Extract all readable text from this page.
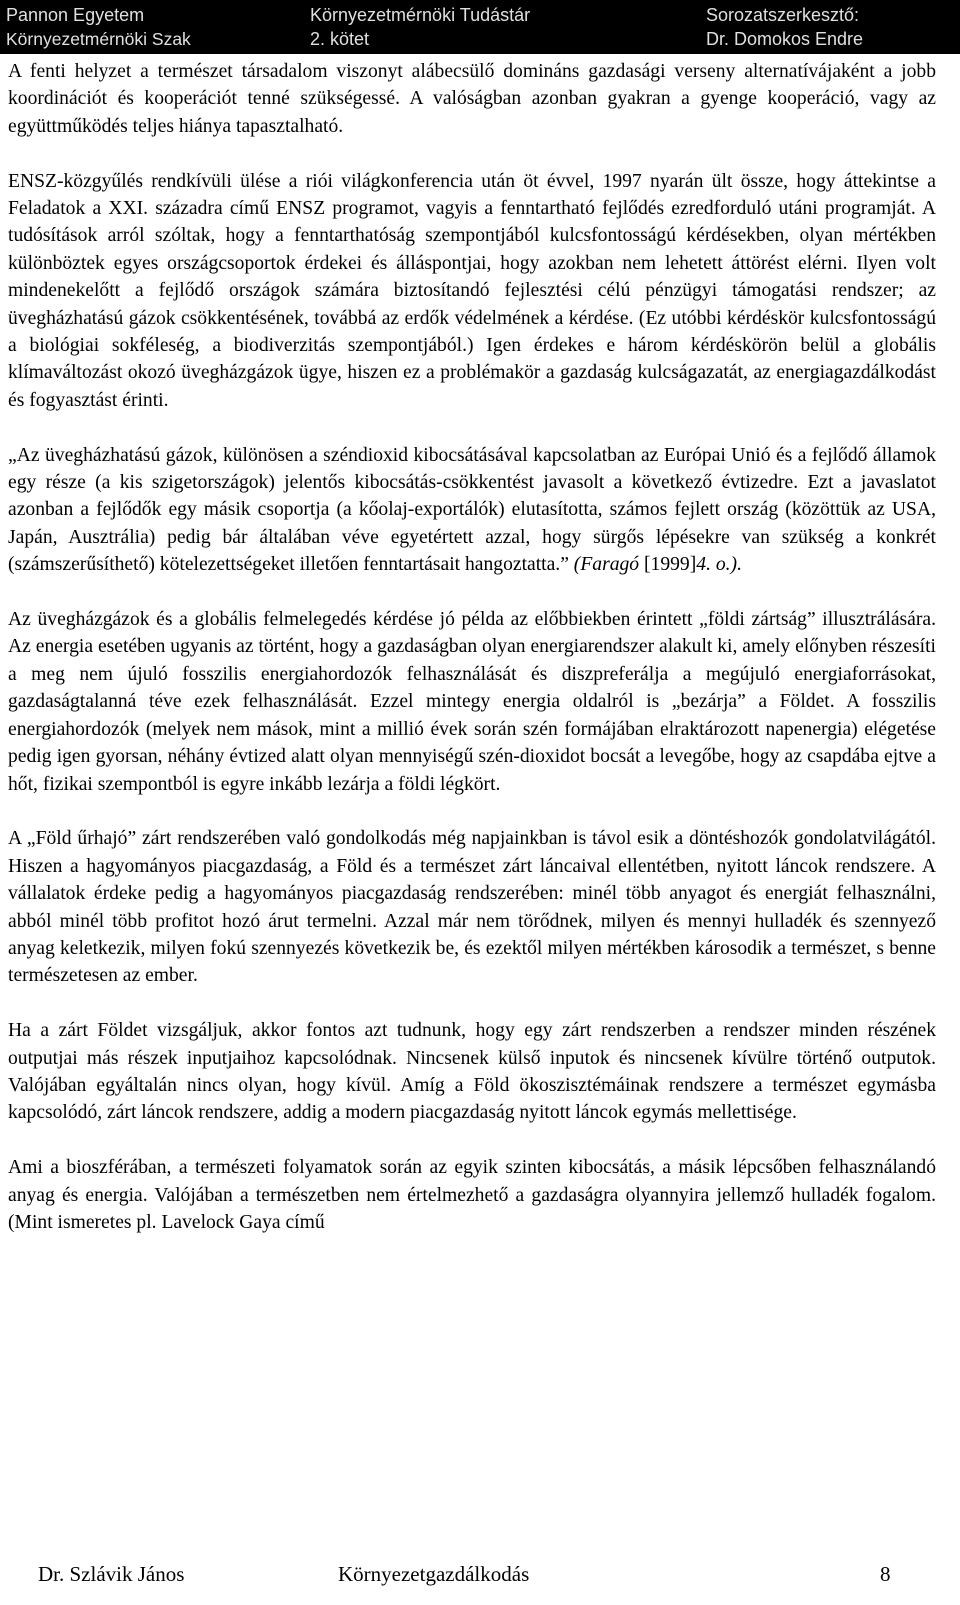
Pannon Egyetem
Környezetmérnöki Szak
Környezetmérnöki Tudástár
2. kötet
Sorozatszerkesztő:
Dr. Domokos Endre

A fenti helyzet a természet társadalom viszonyt alábecsülő domináns gazdasági verseny alternatívájaként a jobb koordinációt és kooperációt tenné szükségessé. A valóságban azonban gyakran a gyenge kooperáció, vagy az együttműködés teljes hiánya tapasztalható.

ENSZ-közgyűlés rendkívüli ülése a riói világkonferencia után öt évvel, 1997 nyarán ült össze, hogy áttekintse a Feladatok a XXI. századra című ENSZ programot, vagyis a fenntartható fejlődés ezredforduló utáni programját. A tudósítások arról szóltak, hogy a fenntarthatóság szempontjából kulcsfontosságú kérdésekben, olyan mértékben különböztek egyes országcsoportok érdekei és álláspontjai, hogy azokban nem lehetett áttörést elérni. Ilyen volt mindenekelőtt a fejlődő országok számára biztosítandó fejlesztési célú pénzügyi támogatási rendszer; az üvegházhatású gázok csökkentésének, továbbá az erdők védelmének a kérdése. (Ez utóbbi kérdéskör kulcsfontosságú a biológiai sokféleség, a biodiverzitás szempontjából.) Igen érdekes e három kérdéskörön belül a globális klímaváltozást okozó üvegházgázok ügye, hiszen ez a problémakör a gazdaság kulcságazatát, az energiagazdálkodást és fogyasztást érinti.

„Az üvegházhatású gázok, különösen a széndioxid kibocsátásával kapcsolatban az Európai Unió és a fejlődő államok egy része (a kis szigetországok) jelentős kibocsátás-csökkentést javasolt a következő évtizedre. Ezt a javaslatot azonban a fejlődők egy másik csoportja (a kőolaj-exportálók) elutasította, számos fejlett ország (közöttük az USA, Japán, Ausztrália) pedig bár általában véve egyetértett azzal, hogy sürgős lépésekre van szükség a konkrét (számszerűsíthető) kötelezettségeket illetően fenntartásait hangoztatta.” (Faragó [1999]4. o.).

Az üvegházgázok és a globális felmelegedés kérdése jó példa az előbbiekben érintett „földi zártság” illusztrálására. Az energia esetében ugyanis az történt, hogy a gazdaságban olyan energiarendszer alakult ki, amely előnyben részesíti a meg nem újuló fosszilis energiahordozók felhasználását és diszpreferálja a megújuló energiaforrásokat, gazdaságtalanná téve ezek felhasználását. Ezzel mintegy energia oldalról is „bezárja” a Földet. A fosszilis energiahordozók (melyek nem mások, mint a millió évek során szén formájában elraktározott napenergia) elégetése pedig igen gyorsan, néhány évtized alatt olyan mennyiségű szén-dioxidot bocsát a levegőbe, hogy az csapdába ejtve a hőt, fizikai szempontból is egyre inkább lezárja a földi légkört.

A „Föld űrhajó” zárt rendszerében való gondolkodás még napjainkban is távol esik a döntéshozók gondolatvilágától. Hiszen a hagyományos piacgazdaság, a Föld és a természet zárt láncaival ellentétben, nyitott láncok rendszere. A vállalatok érdeke pedig a hagyományos piacgazdaság rendszerében: minél több anyagot és energiát felhasználni, abból minél több profitot hozó árut termelni. Azzal már nem törődnek, milyen és mennyi hulladék és szennyező anyag keletkezik, milyen fokú szennyezés következik be, és ezektől milyen mértékben károsodik a természet, s benne természetesen az ember.

Ha a zárt Földet vizsgáljuk, akkor fontos azt tudnunk, hogy egy zárt rendszerben a rendszer minden részének outputjai más részek inputjaihoz kapcsolódnak. Nincsenek külső inputok és nincsenek kívülre történő outputok. Valójában egyáltalán nincs olyan, hogy kívül. Amíg a Föld ökoszisztémáinak rendszere a természet egymásba kapcsolódó, zárt láncok rendszere, addig a modern piacgazdaság nyitott láncok egymás mellettisége.

Ami a bioszférában, a természeti folyamatok során az egyik szinten kibocsátás, a másik lépcsőben felhasználandó anyag és energia. Valójában a természetben nem értelmezhető a gazdaságra olyannyira jellemző hulladék fogalom. (Mint ismeretes pl. Lavelock Gaya című

Dr. Szlávik János	Környezetgazdálkodás	8
